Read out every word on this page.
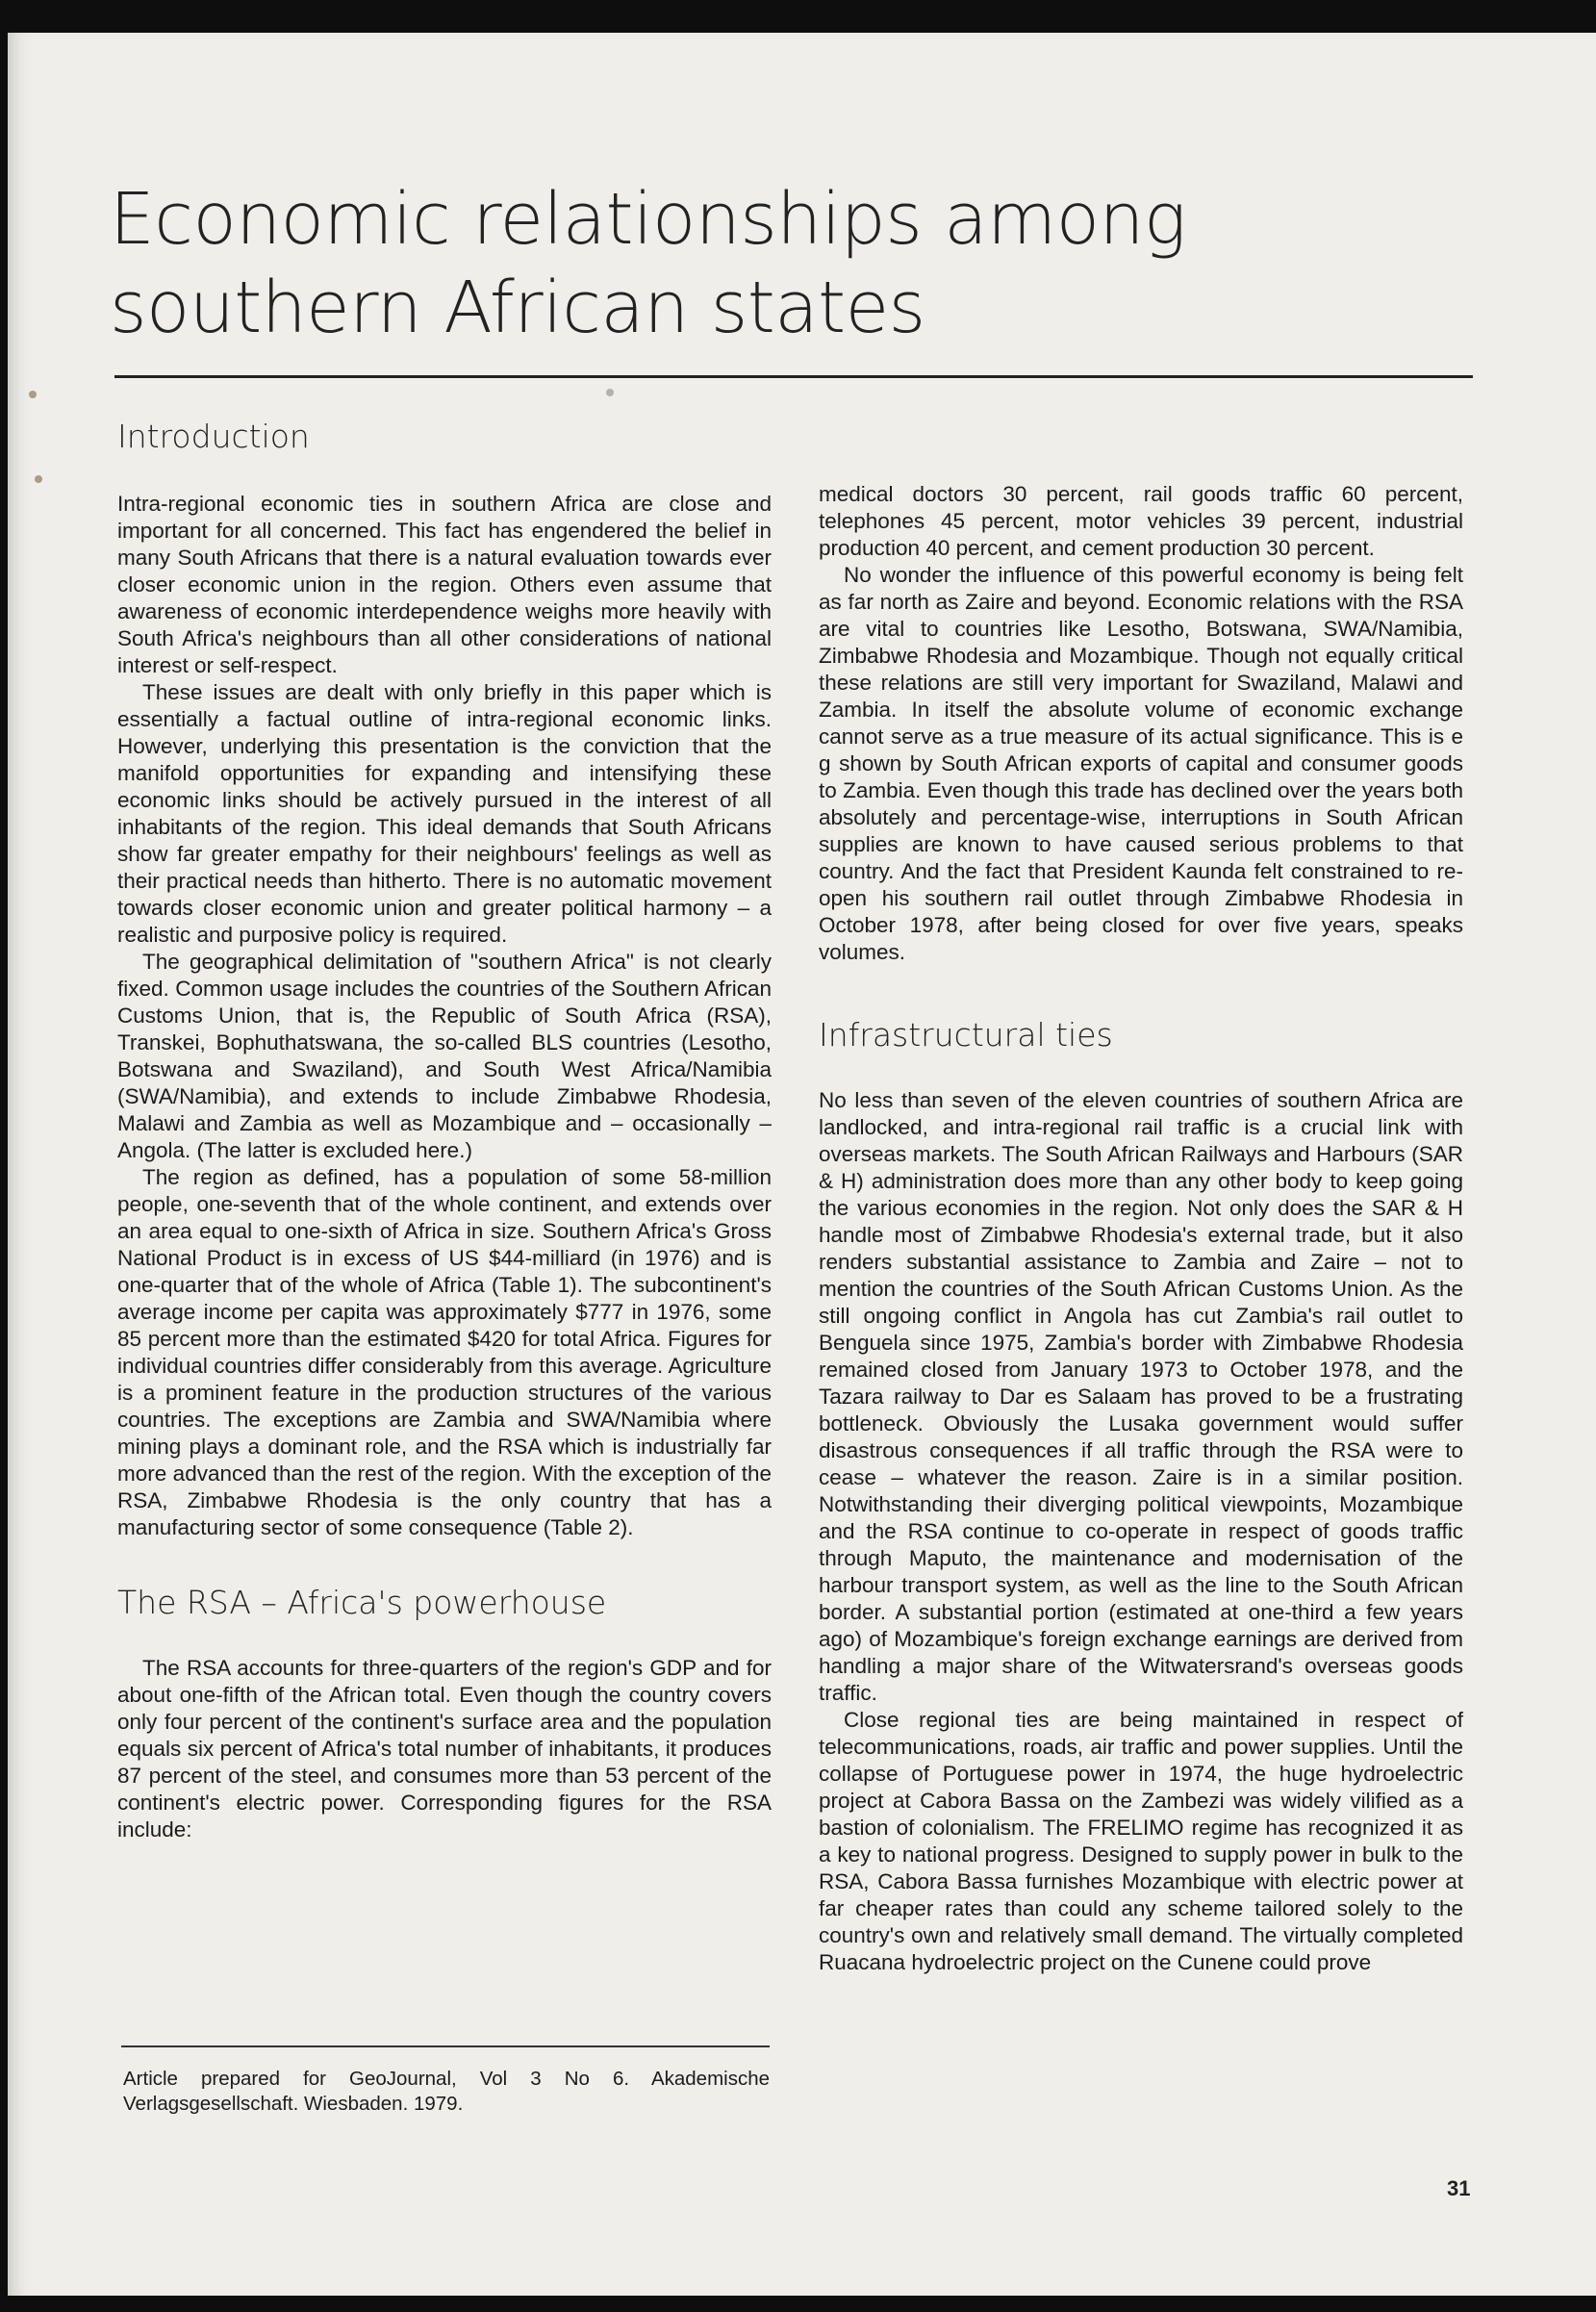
Economic relationships among southern African states
Introduction

Intra-regional economic ties in southern Africa are close and important for all concerned. This fact has engendered the belief in many South Africans that there is a natural evaluation towards ever closer economic union in the region. Others even assume that awareness of economic interdependence weighs more heavily with South Africa's neighbours than all other considerations of national interest or self-respect.

These issues are dealt with only briefly in this paper which is essentially a factual outline of intra-regional economic links. However, underlying this presentation is the conviction that the manifold opportunities for expanding and intensifying these economic links should be actively pursued in the interest of all inhabitants of the region. This ideal demands that South Africans show far greater empathy for their neighbours' feelings as well as their practical needs than hitherto. There is no automatic movement towards closer economic union and greater political harmony – a realistic and purposive policy is required.

The geographical delimitation of "southern Africa" is not clearly fixed. Common usage includes the countries of the Southern African Customs Union, that is, the Republic of South Africa (RSA), Transkei, Bophuthatswana, the so-called BLS countries (Lesotho, Botswana and Swaziland), and South West Africa/Namibia (SWA/Namibia), and extends to include Zimbabwe Rhodesia, Malawi and Zambia as well as Mozambique and – occasionally – Angola. (The latter is excluded here.)

The region as defined, has a population of some 58-million people, one-seventh that of the whole continent, and extends over an area equal to one-sixth of Africa in size. Southern Africa's Gross National Product is in excess of US $44-milliard (in 1976) and is one-quarter that of the whole of Africa (Table 1). The subcontinent's average income per capita was approximately $777 in 1976, some 85 percent more than the estimated $420 for total Africa. Figures for individual countries differ considerably from this average. Agriculture is a prominent feature in the production structures of the various countries. The exceptions are Zambia and SWA/Namibia where mining plays a dominant role, and the RSA which is industrially far more advanced than the rest of the region. With the exception of the RSA, Zimbabwe Rhodesia is the only country that has a manufacturing sector of some consequence (Table 2).

The RSA – Africa's powerhouse

The RSA accounts for three-quarters of the region's GDP and for about one-fifth of the African total. Even though the country covers only four percent of the continent's surface area and the population equals six percent of Africa's total number of inhabitants, it produces 87 percent of the steel, and consumes more than 53 percent of the continent's electric power. Corresponding figures for the RSA include:

Article prepared for GeoJournal, Vol 3 No 6. Akademische Verlagsgesellschaft. Wiesbaden. 1979.

medical doctors 30 percent, rail goods traffic 60 percent, telephones 45 percent, motor vehicles 39 percent, industrial production 40 percent, and cement production 30 percent.

No wonder the influence of this powerful economy is being felt as far north as Zaire and beyond. Economic relations with the RSA are vital to countries like Lesotho, Botswana, SWA/Namibia, Zimbabwe Rhodesia and Mozambique. Though not equally critical these relations are still very important for Swaziland, Malawi and Zambia. In itself the absolute volume of economic exchange cannot serve as a true measure of its actual significance. This is e g shown by South African exports of capital and consumer goods to Zambia. Even though this trade has declined over the years both absolutely and percentage-wise, interruptions in South African supplies are known to have caused serious problems to that country. And the fact that President Kaunda felt constrained to re-open his southern rail outlet through Zimbabwe Rhodesia in October 1978, after being closed for over five years, speaks volumes.

Infrastructural ties

No less than seven of the eleven countries of southern Africa are landlocked, and intra-regional rail traffic is a crucial link with overseas markets. The South African Railways and Harbours (SAR & H) administration does more than any other body to keep going the various economies in the region. Not only does the SAR & H handle most of Zimbabwe Rhodesia's external trade, but it also renders substantial assistance to Zambia and Zaire – not to mention the countries of the South African Customs Union. As the still ongoing conflict in Angola has cut Zambia's rail outlet to Benguela since 1975, Zambia's border with Zimbabwe Rhodesia remained closed from January 1973 to October 1978, and the Tazara railway to Dar es Salaam has proved to be a frustrating bottleneck. Obviously the Lusaka government would suffer disastrous consequences if all traffic through the RSA were to cease – whatever the reason. Zaire is in a similar position. Notwithstanding their diverging political viewpoints, Mozambique and the RSA continue to co-operate in respect of goods traffic through Maputo, the maintenance and modernisation of the harbour transport system, as well as the line to the South African border. A substantial portion (estimated at one-third a few years ago) of Mozambique's foreign exchange earnings are derived from handling a major share of the Witwatersrand's overseas goods traffic.

Close regional ties are being maintained in respect of telecommunications, roads, air traffic and power supplies. Until the collapse of Portuguese power in 1974, the huge hydroelectric project at Cabora Bassa on the Zambezi was widely vilified as a bastion of colonialism. The FRELIMO regime has recognized it as a key to national progress. Designed to supply power in bulk to the RSA, Cabora Bassa furnishes Mozambique with electric power at far cheaper rates than could any scheme tailored solely to the country's own and relatively small demand. The virtually completed Ruacana hydroelectric project on the Cunene could prove

31
